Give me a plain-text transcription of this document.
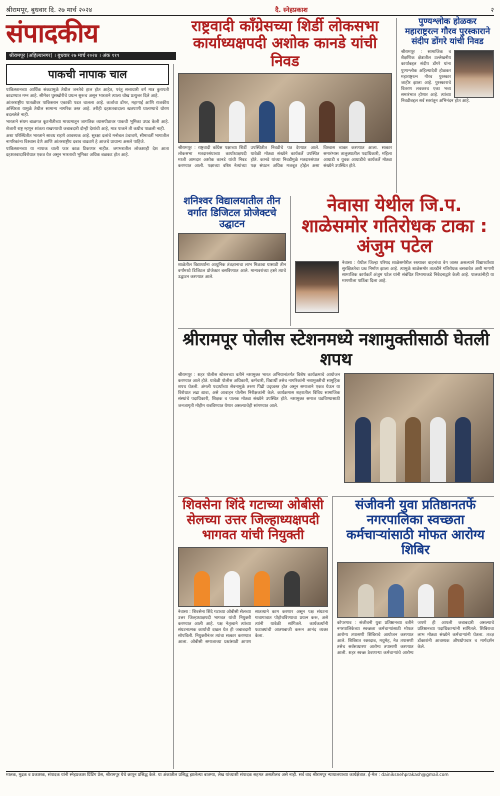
श्रीरामपूर, बुधवार दि. २७ मार्च २०२४	दै. स्नेहप्रकाश	२
संपादकीय
श्रीरामपूर (अहिल्यानगर) । बुधवार २७ मार्च २०२४ । अंक ११९
पाकची नापाक चाल

पाकिस्तानच्या आर्थिक संकटामुळे तेथील जनतेचे हाल होत आहेत, परंतु सत्ताधारी वर्ग मात्र कुरापती काढण्यात मग्न आहे. सीमेवर घुसखोरीचे प्रयत्न सुरूच असून भारताने त्याला चोख प्रत्युत्तर दिले आहे.

आंतरराष्ट्रीय पातळीवर पाकिस्तान एकाकी पडत चालला आहे. कर्जाचा डोंगर, महागाई आणि राजकीय अस्थिरता यामुळे तेथील सामान्य नागरिक त्रस्त आहे. तरीही दहशतवादाला खतपाणी घालण्याचे धोरण बदललेले नाही.

भारताने संयम बाळगत कूटनीतीच्या माध्यमातून जागतिक व्यासपीठावर पाकची भूमिका उघड केली आहे. शेजारी राष्ट्र म्हणून शांतता राखण्याची जबाबदारी दोन्ही देशांची आहे, मात्र पाकने ती कधीच पाळली नाही.

अशा परिस्थितीत भारताने सावध राहणे आवश्यक आहे. सुरक्षा दलांचे मनोबल उंचावणे, सीमावर्ती भागातील नागरिकांना विश्वास देणे आणि आंतरराष्ट्रीय दबाव वाढवणे हे आजचे प्राधान्य असले पाहिजे.

पाकिस्तानच्या या नापाक चाली फार काळ टिकणार नाहीत. जगभरातील लोकशाही देश आता दहशतवादाविरोधात एकत्र येत असून भारताची भूमिका अधिक बळकट होत आहे.

राष्ट्रवादी काँग्रेसच्या शिर्डी लोकसभा कार्याध्यक्षपदी अशोक कानडे यांची निवड
श्रीरामपूर : राष्ट्रवादी काँग्रेस पक्षाच्या शिर्डी लोकसभा मतदारसंघाच्या कार्याध्यक्षपदी माजी आमदार अशोक कानडे यांची निवड करण्यात आली. पक्षाच्या वरिष्ठ नेत्यांच्या उपस्थितीत निवडीचे पत्र देण्यात आले. यावेळी मोठ्या संख्येने कार्यकर्ते उपस्थित होते. कानडे यांच्या निवडीमुळे मतदारसंघात पक्ष संघटन अधिक मजबूत होईल असा विश्वास व्यक्त करण्यात आला. सत्कार समारंभास तालुक्यातील पदाधिकारी, महिला आघाडी व युवक आघाडीचे कार्यकर्ते मोठ्या संख्येने उपस्थित होते.
पुण्यश्लोक होळकर महाराष्ट्ररत्न गौरव पुरस्काराने संदीप डोंगरे यांची निवड
श्रीरामपूर : सामाजिक व शैक्षणिक क्षेत्रातील उल्लेखनीय कार्याबद्दल संदीप डोंगरे यांना पुण्यश्लोक अहिल्यादेवी होळकर महाराष्ट्ररत्न गौरव पुरस्कार जाहीर झाला आहे. पुरस्काराचे वितरण लवकरच एका भव्य समारंभात होणार आहे. त्यांच्या निवडीबद्दल सर्व स्तरांतून अभिनंदन होत आहे.
शनिश्वर विद्यालयातील तीन वर्गात डिजिटल प्रोजेक्टचे उद्घाटन
शाळेतील विद्यार्थ्यांना आधुनिक तंत्रज्ञानाचा लाभ मिळावा यासाठी तीन वर्गांमध्ये डिजिटल प्रोजेक्टर बसविण्यात आले. मान्यवरांच्या हस्ते त्याचे उद्घाटन करण्यात आले.
नेवासा येथील जि.प. शाळेसमोर गतिरोधक टाका : अंजुम पटेल
नेवासा : येथील जिल्हा परिषद शाळेसमोरील रस्त्यावर वाहनांचा वेग जास्त असल्याने विद्यार्थ्यांच्या सुरक्षिततेचा प्रश्न निर्माण झाला आहे. त्यामुळे शाळेसमोर तातडीने गतिरोधक बसवावेत अशी मागणी सामाजिक कार्यकर्ते अंजुम पटेल यांनी संबंधित विभागाकडे निवेदनाद्वारे केली आहे. पालकांनीही या मागणीला पाठिंबा दिला आहे.
श्रीरामपूर पोलीस स्टेशनमध्ये नशामुक्तीसाठी घेतली शपथ
श्रीरामपूर : शहर पोलीस स्टेशनच्या वतीने नशामुक्त भारत अभियानांतर्गत विशेष कार्यक्रमाचे आयोजन करण्यात आले होते. यावेळी पोलीस अधिकारी, कर्मचारी, विद्यार्थी तसेच नागरिकांनी नशामुक्तीची सामूहिक शपथ घेतली. अंमली पदार्थांच्या सेवनामुळे तरुण पिढी उद्ध्वस्त होत असून समाजाने एकत्र येऊन या विरोधात लढा द्यावा, असे आवाहन पोलीस निरीक्षकांनी केले. कार्यक्रमास शहरातील विविध सामाजिक संस्थांचे पदाधिकारी, शिक्षक व पालक मोठ्या संख्येने उपस्थित होते. नशामुक्त समाज घडविण्यासाठी जनजागृती मोहीम राबविण्यात येणार असल्याचेही सांगण्यात आले.
शिवसेना शिंदे गटाच्या ओबीसी सेलच्या उत्तर जिल्हाध्यक्षपदी भागवत यांची नियुक्ती
नेवासा : शिवसेना शिंदे गटाच्या ओबीसी सेलच्या उत्तर जिल्हाध्यक्षपदी भागवत यांची नियुक्ती करण्यात आली आहे. पक्ष नेतृत्वाने त्यांच्या संघटनात्मक कार्याची दखल घेत ही जबाबदारी सोपविली. नियुक्तीनंतर त्यांचा सत्कार करण्यात आला. ओबीसी समाजाच्या प्रश्नांसाठी आपण सातत्याने काम करणार असून पक्ष संघटना गावागावात पोहोचविण्याचा प्रयत्न करू, असे त्यांनी यावेळी सांगितले. कार्यकर्त्यांनी फटाक्यांची आतषबाजी करून आनंद व्यक्त केला.
संजीवनी युवा प्रतिष्ठानतर्फे नगरपालिका स्वच्छता कर्मचाऱ्यांसाठी मोफत आरोग्य शिबिर
कोपरगाव : संजीवनी युवा प्रतिष्ठानच्या वतीने नगरपालिकेच्या स्वच्छता कर्मचाऱ्यांसाठी मोफत आरोग्य तपासणी शिबिराचे आयोजन करण्यात आले. शिबिरात रक्तदाब, मधुमेह, नेत्र तपासणी तसेच सर्वसाधारण आरोग्य तपासणी करण्यात आली. शहर स्वच्छ ठेवणाऱ्या कर्मचाऱ्यांचे आरोग्य जपणे ही आपली जबाबदारी असल्याचे प्रतिष्ठानच्या पदाधिकाऱ्यांनी सांगितले. शिबिराचा लाभ मोठ्या संख्येने कर्मचाऱ्यांनी घेतला. तज्ज्ञ डॉक्टरांनी आवश्यक औषधोपचार व मार्गदर्शन केले.
मालक, मुद्रक व प्रकाशक, संपादक यांनी स्नेहप्रकाश प्रिंटिंग प्रेस, श्रीरामपूर येथे छापून प्रसिद्ध केले. या अंकातील प्रसिद्ध झालेल्या बातम्या, लेख यांच्याशी संपादक सहमत असतीलच असे नाही. सर्व वाद श्रीरामपूर न्यायालयाच्या कार्यक्षेत्रात. ई-मेल : dainiksnehprakash@gmail.com
